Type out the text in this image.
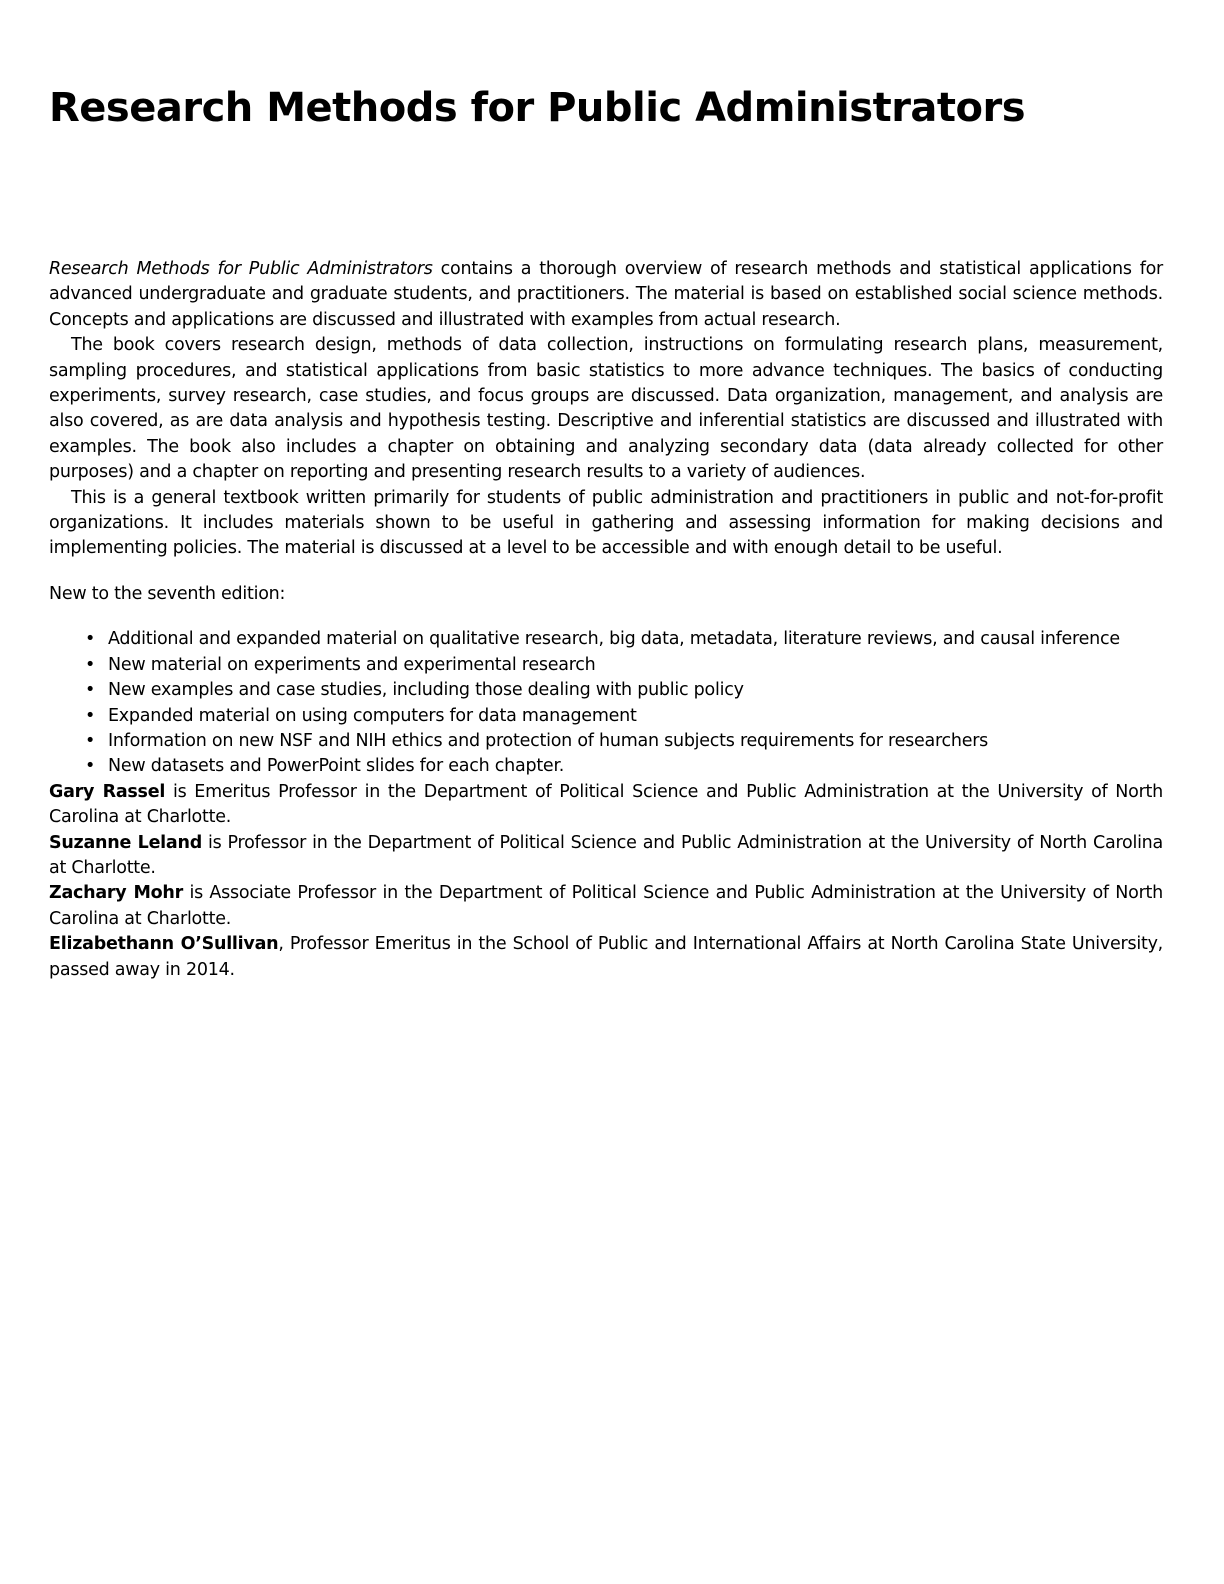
Research Methods for Public Administrators

Research Methods for Public Administrators contains a thorough overview of research methods and statistical applications for advanced undergraduate and graduate students, and practitioners. The material is based on established social science methods. Concepts and applications are discussed and illustrated with examples from actual research.

The book covers research design, methods of data collection, instructions on formulating research plans, measurement, sampling procedures, and statistical applications from basic statistics to more advance techniques. The basics of conducting experiments, survey research, case studies, and focus groups are discussed. Data organization, management, and analysis are also covered, as are data analysis and hypothesis testing. Descriptive and inferential statistics are discussed and illustrated with examples. The book also includes a chapter on obtaining and analyzing secondary data (data already collected for other purposes) and a chapter on reporting and presenting research results to a variety of audiences.

This is a general textbook written primarily for students of public administration and practitioners in public and not-for-profit organizations. It includes materials shown to be useful in gathering and assessing information for making decisions and implementing policies. The material is discussed at a level to be accessible and with enough detail to be useful.

New to the seventh edition:

• Additional and expanded material on qualitative research, big data, metadata, literature reviews, and causal inference
• New material on experiments and experimental research
• New examples and case studies, including those dealing with public policy
• Expanded material on using computers for data management
• Information on new NSF and NIH ethics and protection of human subjects requirements for researchers
• New datasets and PowerPoint slides for each chapter.

Gary Rassel is Emeritus Professor in the Department of Political Science and Public Administration at the University of North Carolina at Charlotte.

Suzanne Leland is Professor in the Department of Political Science and Public Administration at the University of North Carolina at Charlotte.

Zachary Mohr is Associate Professor in the Department of Political Science and Public Administration at the University of North Carolina at Charlotte.

Elizabethann O’Sullivan, Professor Emeritus in the School of Public and International Affairs at North Carolina State University, passed away in 2014.
